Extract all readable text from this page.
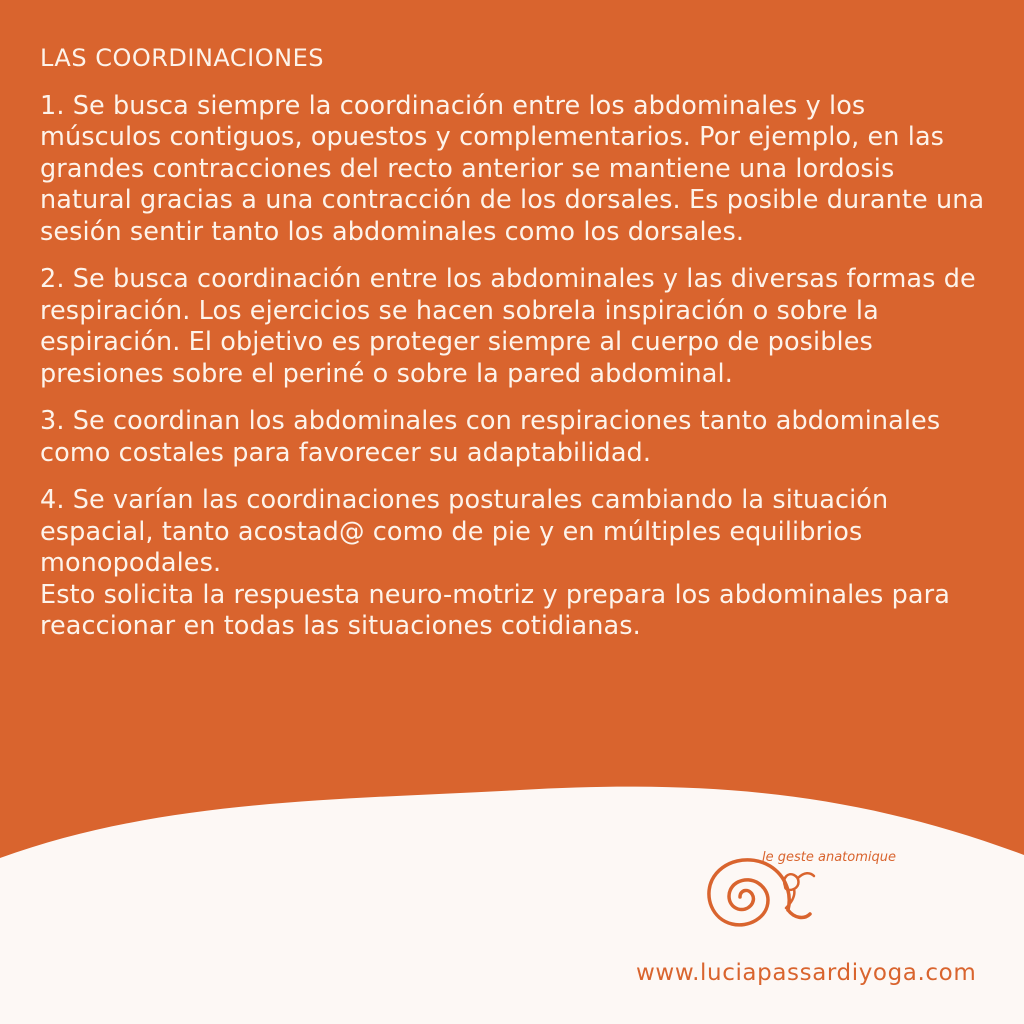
LAS COORDINACIONES

1. Se busca siempre la coordinación entre los abdominales y los músculos contiguos, opuestos y complementarios. Por ejemplo, en las grandes contracciones del recto anterior se mantiene una lordosis natural gracias a una contracción de los dorsales. Es posible durante una sesión sentir tanto los abdominales como los dorsales.

2. Se busca coordinación entre los abdominales y las diversas formas de respiración. Los ejercicios se hacen sobrela inspiración o sobre la espiración. El objetivo es proteger siempre al cuerpo de posibles presiones sobre el periné o sobre la pared abdominal.

3. Se coordinan los abdominales con respiraciones tanto abdominales como costales para favorecer su adaptabilidad.

4. Se varían las coordinaciones posturales cambiando la situación espacial, tanto acostad@ como de pie y en múltiples equilibrios monopodales.

Esto solicita la respuesta neuro-motriz y prepara los abdominales para reaccionar en todas las situaciones cotidianas.

le geste anatomique
www.luciapassardiyoga.com
